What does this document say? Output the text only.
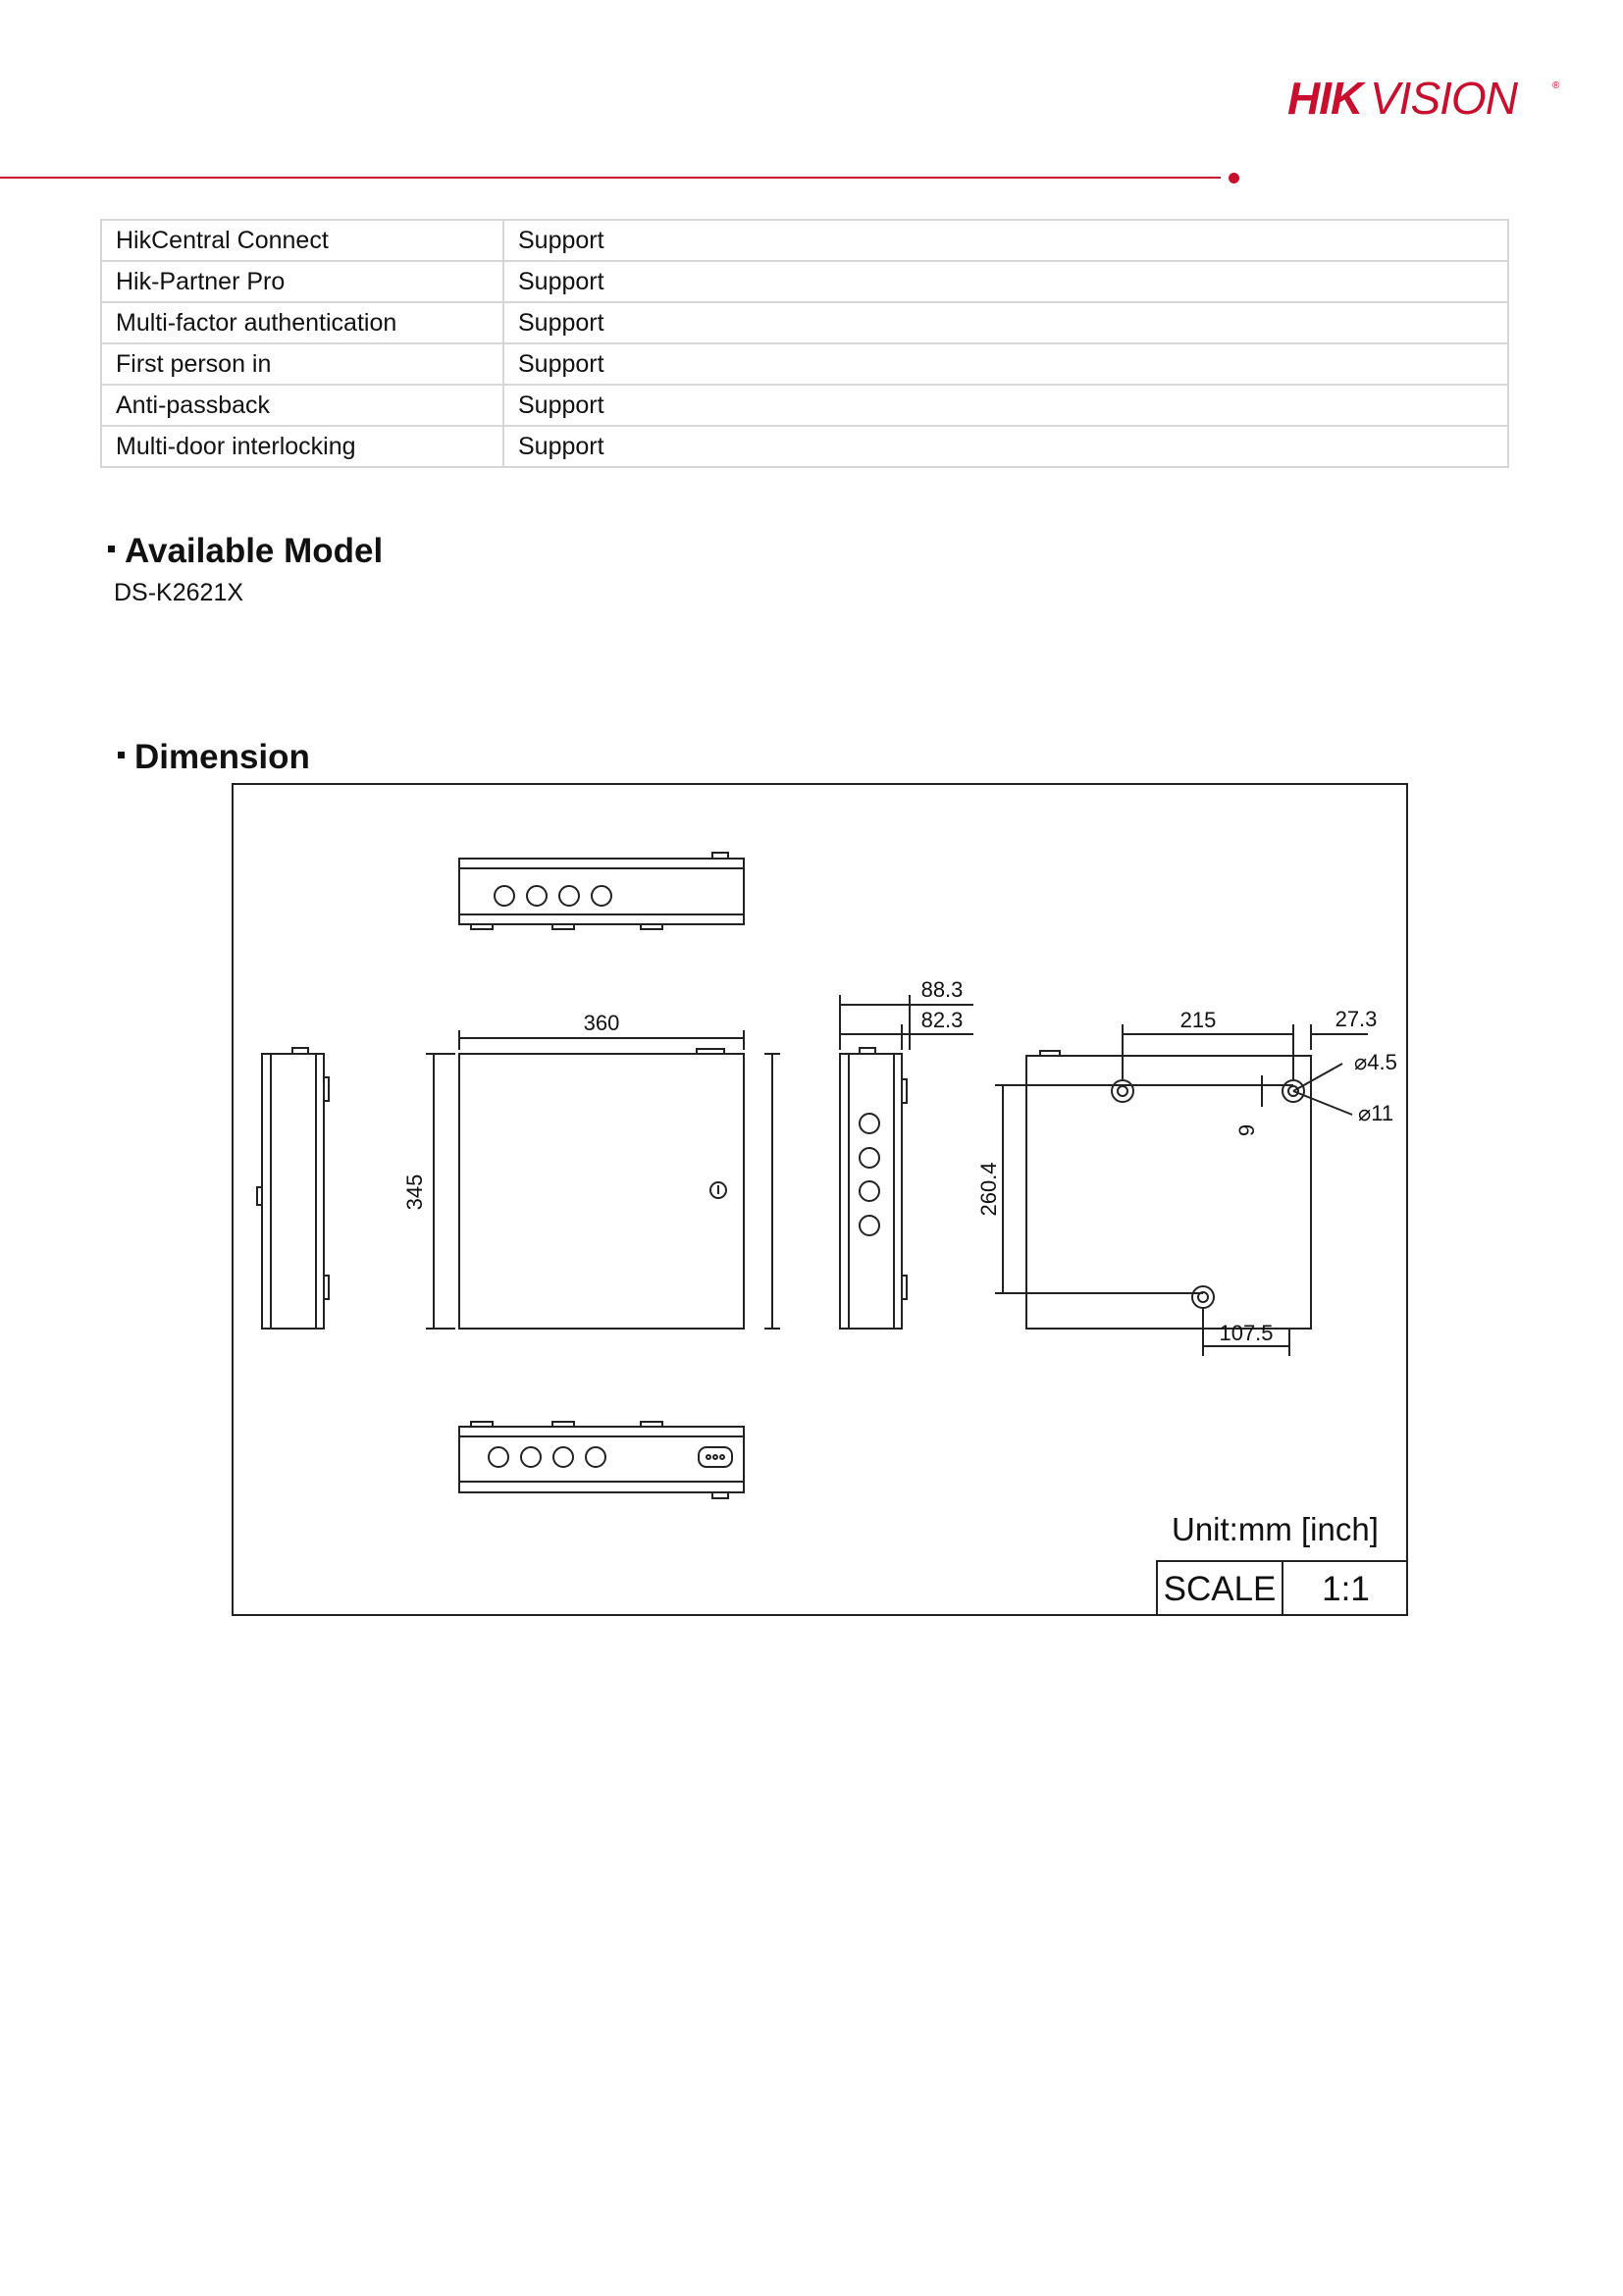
HIK VISION	®
HikCentral Connect	Support
Hik-Partner Pro	Support
Multi-factor authentication	Support
First person in	Support
Anti-passback	Support
Multi-door interlocking	Support
Available Model
DS-K2621X
Dimension
360
345
88.3
82.3	215	27.3
⌀4.5
⌀11
9
260.4
107.5
Unit:mm [inch]
SCALE	1:1
